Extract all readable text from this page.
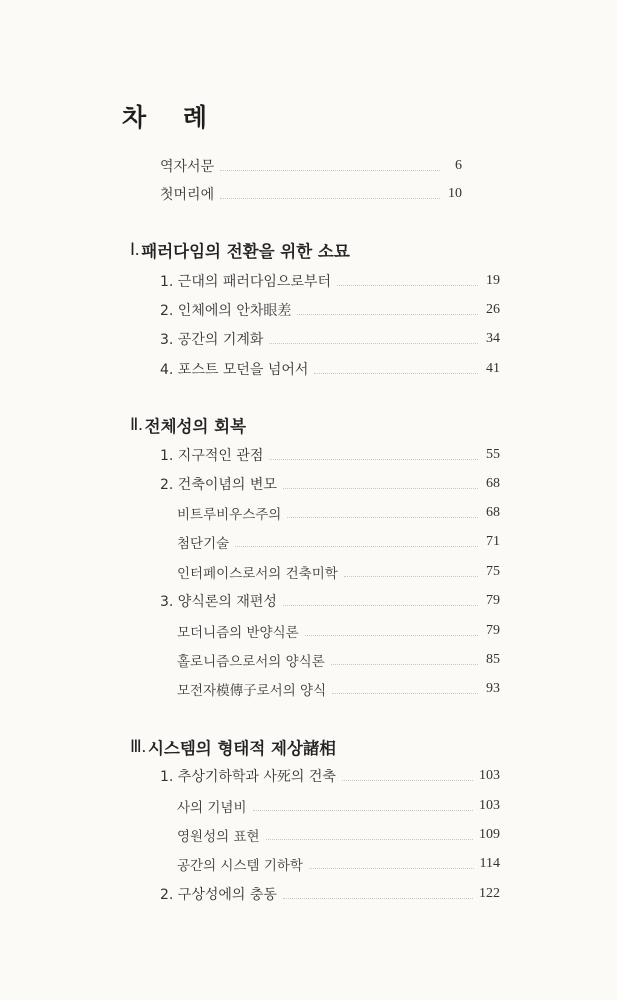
차 례
역자서문	6
첫머리에	10
Ⅰ. 패러다임의 전환을 위한 소묘
1. 근대의 패러다임으로부터	19
2. 인체에의 안차眼差	26
3. 공간의 기계화	34
4. 포스트 모던을 넘어서	41
Ⅱ. 전체성의 회복
1. 지구적인 관점	55
2. 건축이념의 변모	68
비트루비우스주의	68
첨단기술	71
인터페이스로서의 건축미학	75
3. 양식론의 재편성	79
모더니즘의 반양식론	79
홀로니즘으로서의 양식론	85
모전자模傳子로서의 양식	93
Ⅲ. 시스템의 형태적 제상諸相
1. 추상기하학과 사死의 건축	103
사의 기념비	103
영원성의 표현	109
공간의 시스템 기하학	114
2. 구상성에의 충동	122
